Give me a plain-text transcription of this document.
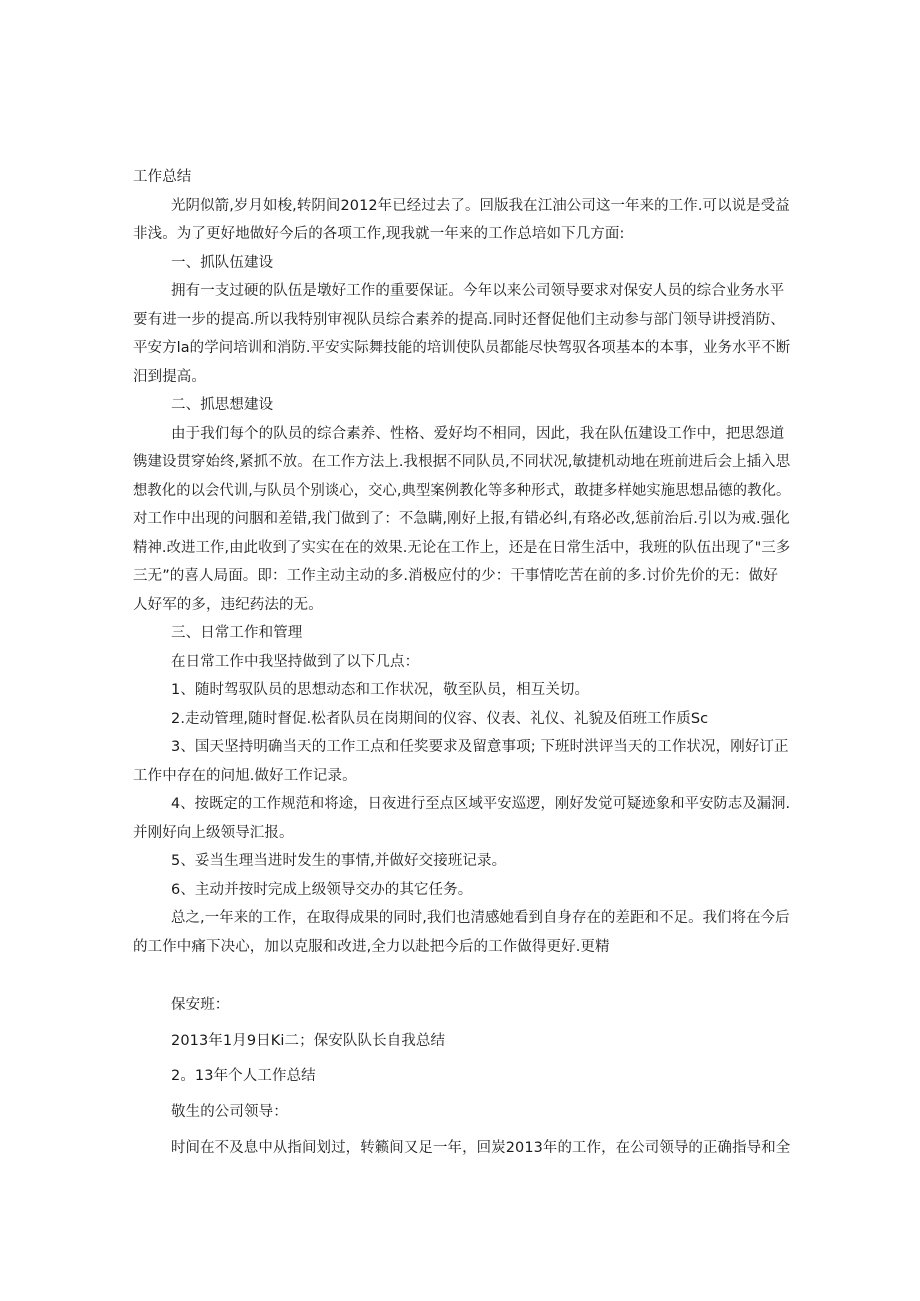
工作总结
光阴似箭,岁月如梭,转阴间2012年已经过去了。回版我在江油公司这一年来的工作.可以说是受益
非浅。为了更好地做好今后的各项工作,现我就一年来的工作总培如下几方面:
一、抓队伍建设
拥有一支过硬的队伍是墩好工作的重要保证。今年以来公司领导要求对保安人员的综合业务水平
要有进一步的提高.所以我特别审视队员综合素养的提高.同时还督促他们主动参与部门领导讲授消防、
平安方la的学问培训和消防.平安实际舞技能的培训使队员都能尽快驾驭各项基本的本事，业务水平不断
汨到提高。
二、抓思想建设
由于我们每个的队员的综合素养、性格、爱好均不相同，因此，我在队伍建设工作中，把思怨道
镌建设贯穿始终,紧抓不放。在工作方法上.我根据不同队员,不同状况,敏捷机动地在班前进后会上插入思
想教化的以会代训,与队员个别谈心，交心,典型案例教化等多种形式，敢捷多样她实施思想品德的教化。
对工作中出现的问胭和差错,我门做到了：不急瞒,刚好上报,有错必纠,有珞必改,惩前治后.引以为戒.强化
精神.改进工作,由此收到了实实在在的效果.无论在工作上，还是在日常生活中，我班的队伍出现了"三多
三无”的喜人局面。即：工作主动主动的多.消极应付的少：干事情吃苦在前的多.讨价先价的无：做好
人好军的多，违纪药法的无。
三、日常工作和管理
在日常工作中我坚持做到了以下几点：
1、随时驾驭队员的思想动态和工作状况，敬至队员，相互关切。
2.走动管理,随时督促.松者队员在岗期间的仪容、仪表、礼仪、礼貌及佰班工作质Sc
3、国天坚持明确当天的工作工点和任奖要求及留意事项; 下班时洪评当天的工作状况，刚好订正
工作中存在的问旭.做好工作记录。
4、按既定的工作规范和将途，日夜进行至点区域平安巡逻，刚好发觉可疑迹象和平安防志及漏洞.
并刚好向上级领导汇报。
5、妥当生理当进时发生的事情,并做好交接班记录。
6、主动并按时完成上级领导交办的其它任务。
总之,一年来的工作，在取得成果的同时,我们也清感她看到自身存在的差距和不足。我们将在今后
的工作中痛下决心，加以克服和改进,全力以赴把今后的工作做得更好.更精
保安班：
2013年1月9日Ki二；保安队队长自我总结
2。13年个人工作总结
敬生的公司领导：
时间在不及息中从指间划过，转籁间又足一年，回炭2013年的工作，在公司领导的正确指导和全
